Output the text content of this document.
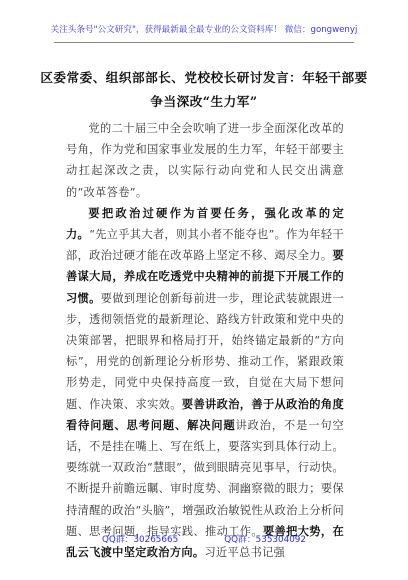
关注头条号"公文研究"，获得最新最全最专业的公文资料库！ 微信：gongwenyj
区委常委、组织部部长、党校校长研讨发言：年轻干部要
争当深改“生力军”

党的二十届三中全会吹响了进一步全面深化改革的号角，作为党和国家事业发展的生力军，年轻干部要主动扛起深改之责，以实际行动向党和人民交出满意的“改革答卷”。

要把政治过硬作为首要任务，强化改革的定力。“先立乎其大者，则其小者不能夺也”。作为年轻干部，政治过硬才能在改革路上坚定不移、竭尽全力。要善谋大局，养成在吃透党中央精神的前提下开展工作的习惯。要做到理论创新每前进一步，理论武装就跟进一步，透彻领悟党的最新理论、路线方针政策和党中央的决策部署，把眼界和格局打开，始终锚定最新的“方向标”，用党的创新理论分析形势、推动工作，紧跟政策形势走，同党中央保持高度一致，自觉在大局下想问题、作决策、求实效。要善讲政治，善于从政治的角度看待问题、思考问题、解决问题讲政治，不是一句空话，不是挂在嘴上、写在纸上，要落实到具体行动上。要练就一双政治“慧眼”，做到眼睛亮见事早，行动快。不断提升前瞻远瞩、审时度势、洞幽察微的眼力；要保持清醒的政治“头脑”，增强政治敏锐性从政治上分析问题、思考问题，指导实践、推动工作。要善把大势，在乱云飞渡中坚定政治方向。习近平总书记强

QQ群：30265665	QQ群：535304092
